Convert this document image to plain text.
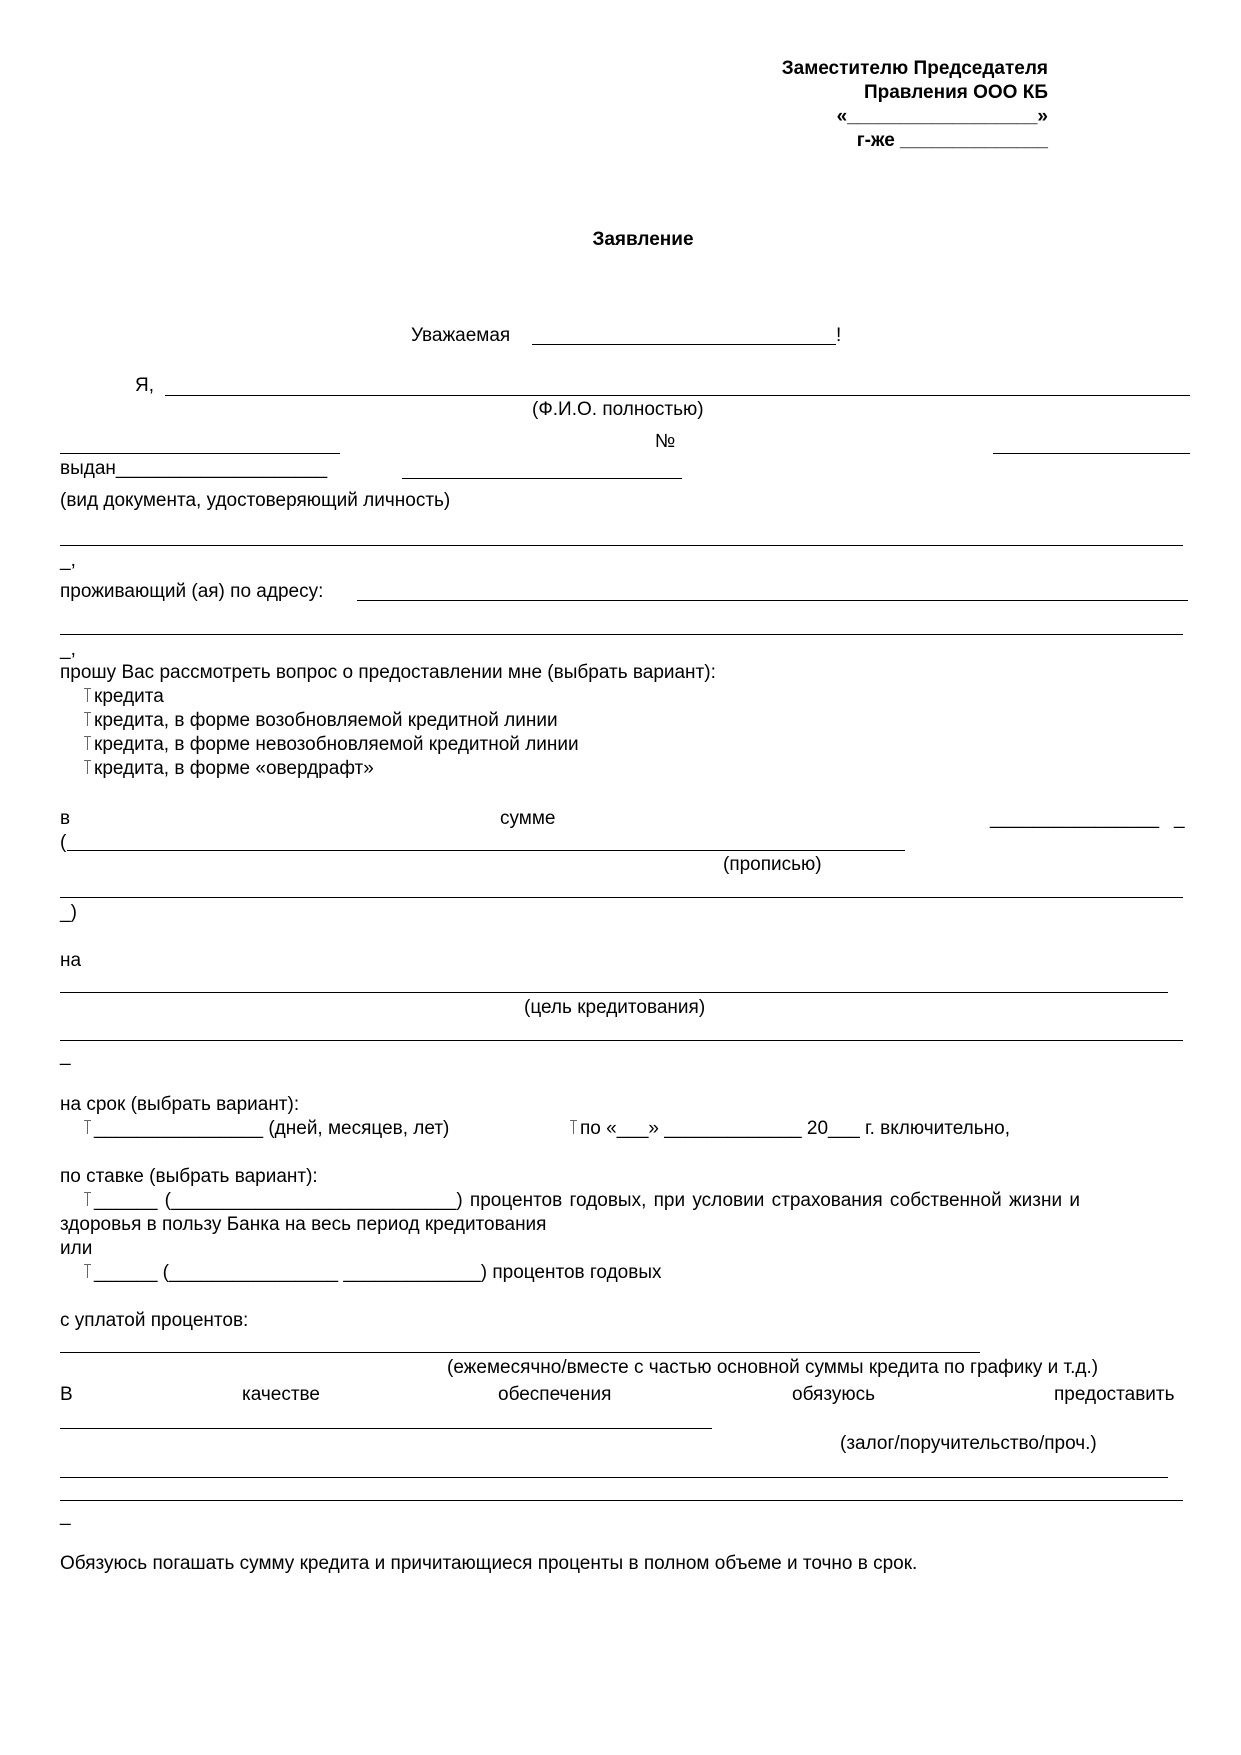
Заместителю Председателя
Правления ООО КБ
«__________________»
г-же ______________
Заявление
Уважаемая	!
Я,
(Ф.И.О. полностью)
№
выдан____________________
(вид документа, удостоверяющий личность)
_,
проживающий (ая) по адресу:
_,
прошу Вас рассмотреть вопрос о предоставлении мне (выбрать вариант):
кредита
кредита, в форме возобновляемой кредитной линии
кредита, в форме невозобновляемой кредитной линии
кредита, в форме «овердрафт»
в	сумме	________________ _
(
(прописью)
_)
на
(цель кредитования)
_
на срок (выбрать вариант):
________________ (дней, месяцев, лет)	по «___» _____________ 20___ г. включительно,
по ставке (выбрать вариант):
______ (___________________________) процентов годовых, при условии страхования собственной жизни и
здоровья в пользу Банка на весь период кредитования
или
______ (________________ _____________) процентов годовых
с уплатой процентов:
(ежемесячно/вместе с частью основной суммы кредита по графику и т.д.)
В	качестве	обеспечения	обязуюсь	предоставить
(залог/поручительство/проч.)
_
Обязуюсь погашать сумму кредита и причитающиеся проценты в полном объеме и точно в срок.
